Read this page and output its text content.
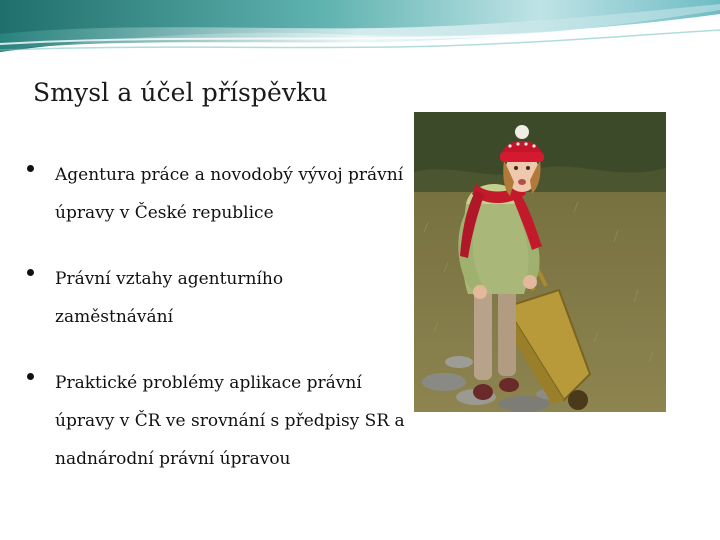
Smysl a účel příspěvku
Agentura práce a novodobý vývoj právní úpravy v České republice
Právní vztahy agenturního zaměstnávání
Praktické problémy aplikace právní úpravy v ČR ve srovnání s předpisy SR a nadnárodní právní úpravou
